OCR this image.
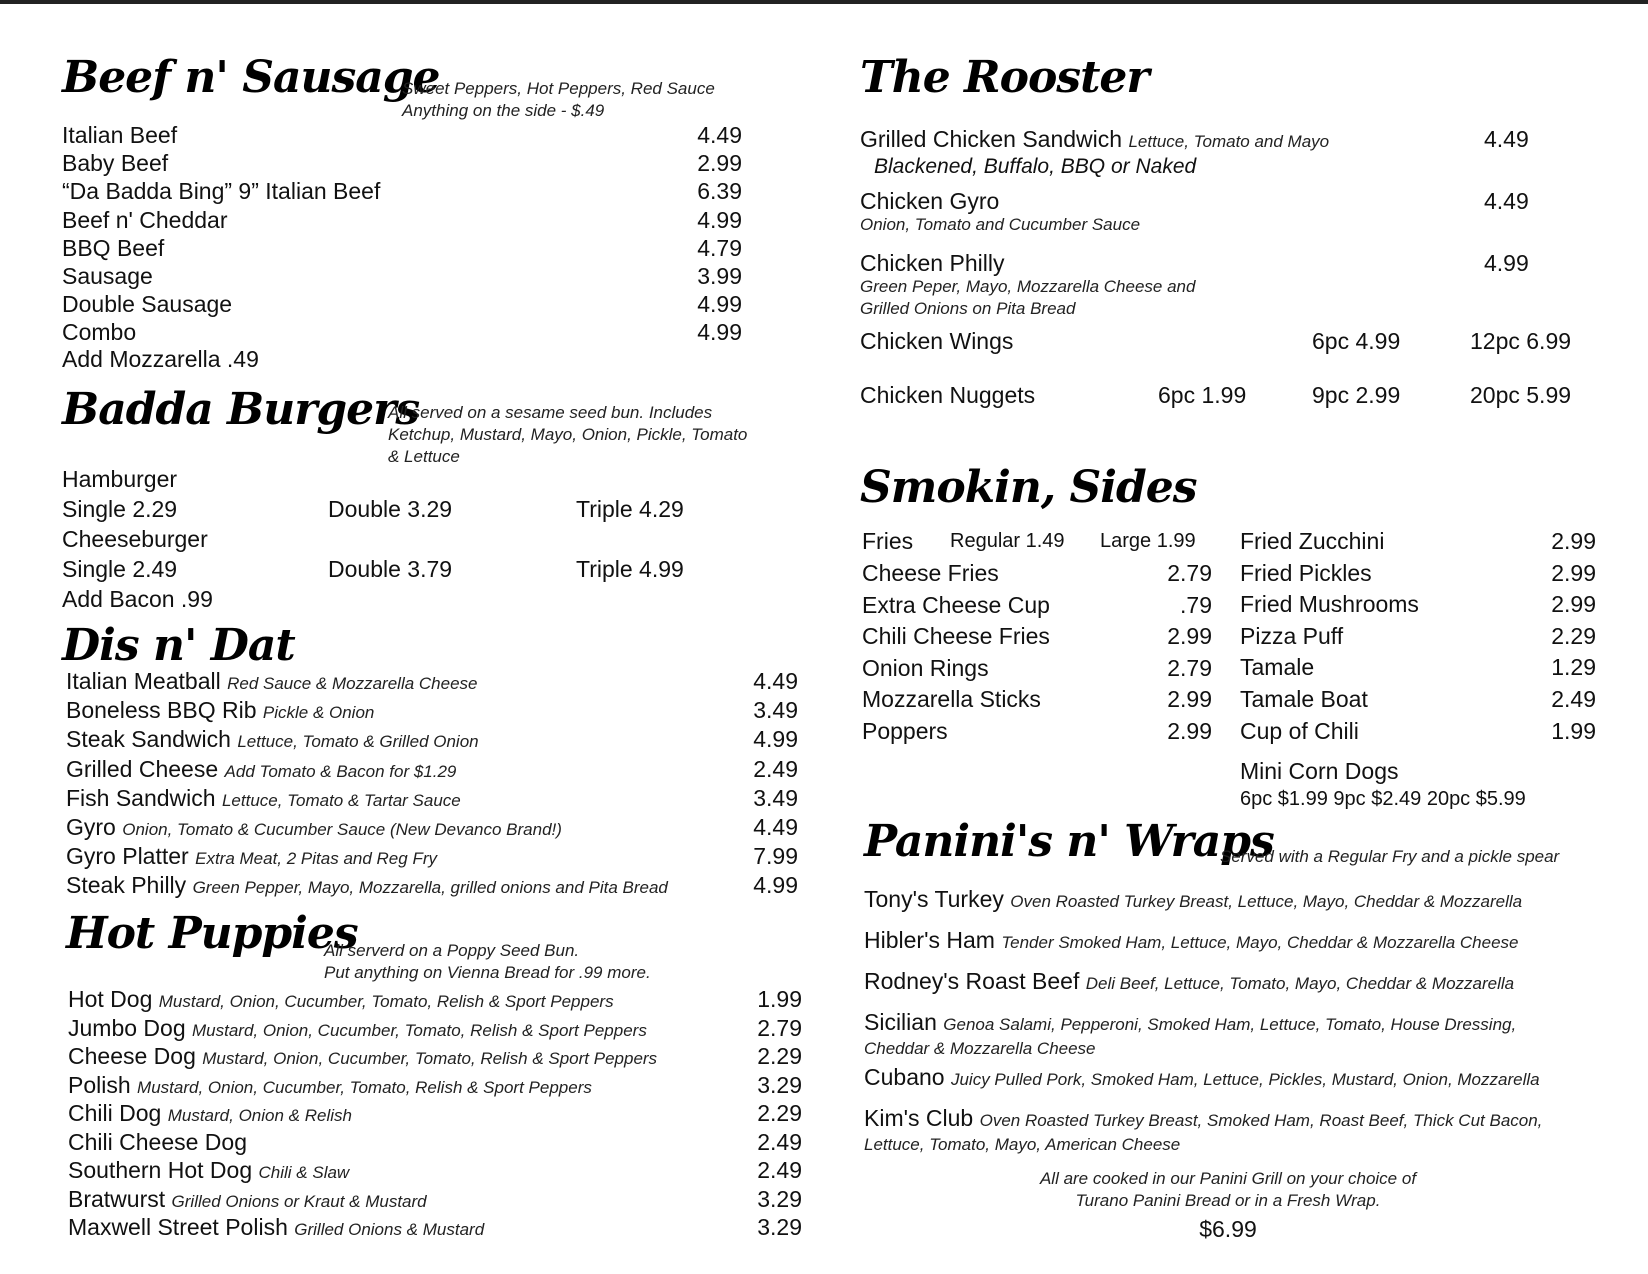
Beef n' Sausage
Sweet Peppers, Hot Peppers, Red Sauce
Anything on the side - $.49
Italian Beef	4.49
Baby Beef	2.99
“Da Badda Bing” 9” Italian Beef	6.39
Beef n' Cheddar	4.99
BBQ Beef	4.79
Sausage	3.99
Double Sausage	4.99
Combo	4.99
Add Mozzarella .49
Badda Burgers
All served on a sesame seed bun. Includes
Ketchup, Mustard, Mayo, Onion, Pickle, Tomato
& Lettuce
Hamburger
Single 2.29	Double 3.29	Triple 4.29
Cheeseburger
Single 2.49	Double 3.79	Triple 4.99
Add Bacon .99
Dis n' Dat
Italian Meatball Red Sauce & Mozzarella Cheese	4.49
Boneless BBQ Rib Pickle & Onion	3.49
Steak Sandwich Lettuce, Tomato & Grilled Onion	4.99
Grilled Cheese Add Tomato & Bacon for $1.29	2.49
Fish Sandwich Lettuce, Tomato & Tartar Sauce	3.49
Gyro Onion, Tomato & Cucumber Sauce (New Devanco Brand!)	4.49
Gyro Platter Extra Meat, 2 Pitas and Reg Fry	7.99
Steak Philly Green Pepper, Mayo, Mozzarella, grilled onions and Pita Bread	4.99
Hot Puppies
All serverd on a Poppy Seed Bun.
Put anything on Vienna Bread for .99 more.
Hot Dog Mustard, Onion, Cucumber, Tomato, Relish & Sport Peppers	1.99
Jumbo Dog Mustard, Onion, Cucumber, Tomato, Relish & Sport Peppers	2.79
Cheese Dog Mustard, Onion, Cucumber, Tomato, Relish & Sport Peppers	2.29
Polish Mustard, Onion, Cucumber, Tomato, Relish & Sport Peppers	3.29
Chili Dog Mustard, Onion & Relish	2.29
Chili Cheese Dog	2.49
Southern Hot Dog Chili & Slaw	2.49
Bratwurst Grilled Onions or Kraut & Mustard	3.29
Maxwell Street Polish Grilled Onions & Mustard	3.29
The Rooster
Grilled Chicken Sandwich Lettuce, Tomato and Mayo	4.49
Blackened, Buffalo, BBQ or Naked
Chicken Gyro	4.49
Onion, Tomato and Cucumber Sauce
Chicken Philly	4.99
Green Peper, Mayo, Mozzarella Cheese and
Grilled Onions on Pita Bread
Chicken Wings	6pc 4.99	12pc 6.99
Chicken Nuggets	6pc 1.99	9pc 2.99	20pc 5.99
Smokin, Sides
Fries Regular 1.49 Large 1.99
Cheese Fries	2.79
Extra Cheese Cup	.79
Chili Cheese Fries	2.99
Onion Rings	2.79
Mozzarella Sticks	2.99
Poppers	2.99
Fried Zucchini	2.99
Fried Pickles	2.99
Fried Mushrooms	2.99
Pizza Puff	2.29
Tamale	1.29
Tamale Boat	2.49
Cup of Chili	1.99
Mini Corn Dogs
6pc $1.99 9pc $2.49 20pc $5.99
Panini's n' Wraps
Served with a Regular Fry and a pickle spear
Tony's Turkey Oven Roasted Turkey Breast, Lettuce, Mayo, Cheddar & Mozzarella
Hibler's Ham Tender Smoked Ham, Lettuce, Mayo, Cheddar & Mozzarella Cheese
Rodney's Roast Beef Deli Beef, Lettuce, Tomato, Mayo, Cheddar & Mozzarella
Sicilian Genoa Salami, Pepperoni, Smoked Ham, Lettuce, Tomato, House Dressing,
Cheddar & Mozzarella Cheese
Cubano Juicy Pulled Pork, Smoked Ham, Lettuce, Pickles, Mustard, Onion, Mozzarella
Kim's Club Oven Roasted Turkey Breast, Smoked Ham, Roast Beef, Thick Cut Bacon,
Lettuce, Tomato, Mayo, American Cheese
All are cooked in our Panini Grill on your choice of
Turano Panini Bread or in a Fresh Wrap.
$6.99
